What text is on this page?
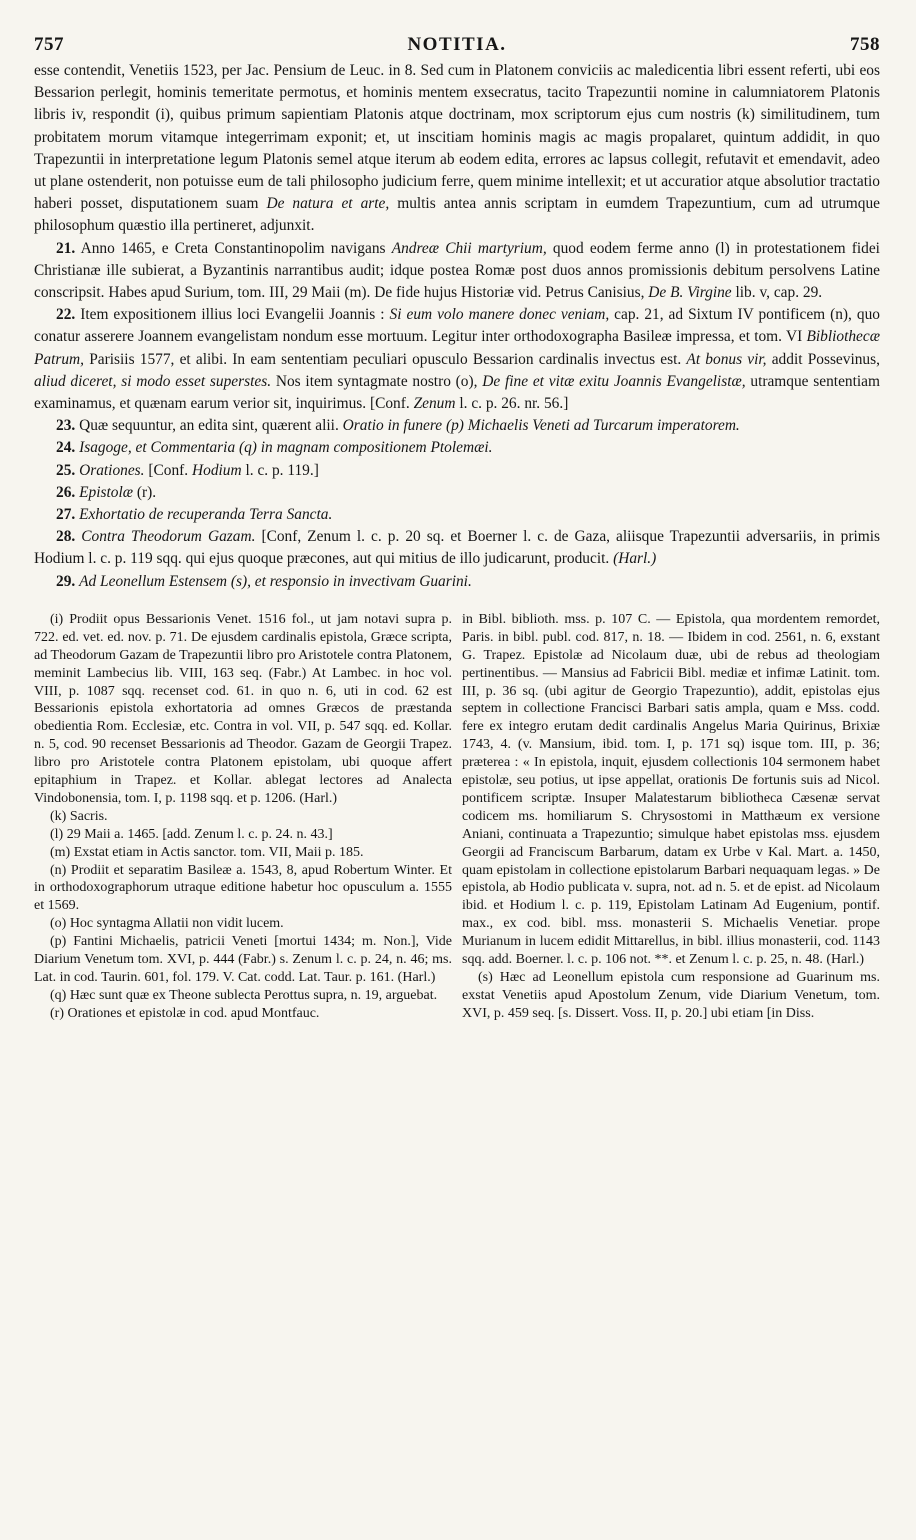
757	NOTITIA.	758

esse contendit, Venetiis 1523, per Jac. Pensium de Leuc. in 8. Sed cum in Platonem conviciis ac maledicentia libri essent referti, ubi eos Bessarion perlegit, hominis temeritate permotus, et hominis mentem exsecratus, tacito Trapezuntii nomine in calumniatorem Platonis libris iv, respondit (i), quibus primum sapientiam Platonis atque doctrinam, mox scriptorum ejus cum nostris (k) similitudinem, tum probitatem morum vitamque integerrimam exponit; et, ut inscitiam hominis magis ac magis propalaret, quintum addidit, in quo Trapezuntii in interpretatione legum Platonis semel atque iterum ab eodem edita, errores ac lapsus collegit, refutavit et emendavit, adeo ut plane ostenderit, non potuisse eum de tali philosopho judicium ferre, quem minime intellexit; et ut accuratior atque absolutior tractatio haberi posset, disputationem suam De natura et arte, multis antea annis scriptam in eumdem Trapezuntium, cum ad utrumque philosophum quæstio illa pertineret, adjunxit.

21. Anno 1465, e Creta Constantinopolim navigans Andreæ Chii martyrium, quod eodem ferme anno (l) in protestationem fidei Christianæ ille subierat, a Byzantinis narrantibus audit; idque postea Romæ post duos annos promissionis debitum persolvens Latine conscripsit. Habes apud Surium, tom. III, 29 Maii (m). De fide hujus Historiæ vid. Petrus Canisius, De B. Virgine lib. v, cap. 29.

22. Item expositionem illius loci Evangelii Joannis : Si eum volo manere donec veniam, cap. 21, ad Sixtum IV pontificem (n), quo conatur asserere Joannem evangelistam nondum esse mortuum. Legitur inter orthodoxographa Basileæ impressa, et tom. VI Bibliothecæ Patrum, Parisiis 1577, et alibi. In eam sententiam peculiari opusculo Bessarion cardinalis invectus est. At bonus vir, addit Possevinus, aliud diceret, si modo esset superstes. Nos item syntagmate nostro (o), De fine et vitæ exitu Joannis Evangelistæ, utramque sententiam examinamus, et quænam earum verior sit, inquirimus. [Conf. Zenum l. c. p. 26. nr. 56.]

23. Quæ sequuntur, an edita sint, quærent alii. Oratio in funere (p) Michaelis Veneti ad Turcarum imperatorem.

24. Isagoge, et Commentaria (q) in magnam compositionem Ptolemæi.

25. Orationes. [Conf. Hodium l. c. p. 119.]

26. Epistolæ (r).

27. Exhortatio de recuperanda Terra Sancta.

28. Contra Theodorum Gazam. [Conf, Zenum l. c. p. 20 sq. et Boerner l. c. de Gaza, aliisque Trapezuntii adversariis, in primis Hodium l. c. p. 119 sqq. qui ejus quoque præcones, aut qui mitius de illo judicarunt, producit. (Harl.)

29. Ad Leonellum Estensem (s), et responsio in invectivam Guarini.

(i) Prodiit opus Bessarionis Venet. 1516 fol., ut jam notavi supra p. 722. ed. vet. ed. nov. p. 71. De ejusdem cardinalis epistola, Græce scripta, ad Theodorum Gazam de Trapezuntii libro pro Aristotele contra Platonem, meminit Lambecius lib. VIII, 163 seq. (Fabr.) At Lambec. in hoc vol. VIII, p. 1087 sqq. recenset cod. 61. in quo n. 6, uti in cod. 62 est Bessarionis epistola exhortatoria ad omnes Græcos de præstanda obedientia Rom. Ecclesiæ, etc. Contra in vol. VII, p. 547 sqq. ed. Kollar. n. 5, cod. 90 recenset Bessarionis ad Theodor. Gazam de Georgii Trapez. libro pro Aristotele contra Platonem epistolam, ubi quoque affert epitaphium in Trapez. et Kollar. ablegat lectores ad Analecta Vindobonensia, tom. I, p. 1198 sqq. et p. 1206. (Harl.)

(k) Sacris.

(l) 29 Maii a. 1465. [add. Zenum l. c. p. 24. n. 43.]

(m) Exstat etiam in Actis sanctor. tom. VII, Maii p. 185.

(n) Prodiit et separatim Basileæ a. 1543, 8, apud Robertum Winter. Et in orthodoxographorum utraque editione habetur hoc opusculum a. 1555 et 1569.

(o) Hoc syntagma Allatii non vidit lucem.

(p) Fantini Michaelis, patricii Veneti [mortui 1434; m. Non.], Vide Diarium Venetum tom. XVI, p. 444 (Fabr.) s. Zenum l. c. p. 24, n. 46; ms. Lat. in cod. Taurin. 601, fol. 179. V. Cat. codd. Lat. Taur. p. 161. (Harl.)

(q) Hæc sunt quæ ex Theone sublecta Perottus supra, n. 19, arguebat.

(r) Orationes et epistolæ in cod. apud Montfauc.

in Bibl. biblioth. mss. p. 107 C. — Epistola, qua mordentem remordet, Paris. in bibl. publ. cod. 817, n. 18. — Ibidem in cod. 2561, n. 6, exstant G. Trapez. Epistolæ ad Nicolaum duæ, ubi de rebus ad theologiam pertinentibus. — Mansius ad Fabricii Bibl. mediæ et infimæ Latinit. tom. III, p. 36 sq. (ubi agitur de Georgio Trapezuntio), addit, epistolas ejus septem in collectione Francisci Barbari satis ampla, quam e Mss. codd. fere ex integro erutam dedit cardinalis Angelus Maria Quirinus, Brixiæ 1743, 4. (v. Mansium, ibid. tom. I, p. 171 sq) isque tom. III, p. 36; præterea : « In epistola, inquit, ejusdem collectionis 104 sermonem habet epistolæ, seu potius, ut ipse appellat, orationis De fortunis suis ad Nicol. pontificem scriptæ. Insuper Malatestarum bibliotheca Cæsenæ servat codicem ms. homiliarum S. Chrysostomi in Matthæum ex versione Aniani, continuata a Trapezuntio; simulque habet epistolas mss. ejusdem Georgii ad Franciscum Barbarum, datam ex Urbe v Kal. Mart. a. 1450, quam epistolam in collectione epistolarum Barbari nequaquam legas. » De epistola, ab Hodio publicata v. supra, not. ad n. 5. et de epist. ad Nicolaum ibid. et Hodium l. c. p. 119, Epistolam Latinam Ad Eugenium, pontif. max., ex cod. bibl. mss. monasterii S. Michaelis Venetiar. prope Murianum in lucem edidit Mittarellus, in bibl. illius monasterii, cod. 1143 sqq. add. Boerner. l. c. p. 106 not. **. et Zenum l. c. p. 25, n. 48. (Harl.)

(s) Hæc ad Leonellum epistola cum responsione ad Guarinum ms. exstat Venetiis apud Apostolum Zenum, vide Diarium Venetum, tom. XVI, p. 459 seq. [s. Dissert. Voss. II, p. 20.] ubi etiam [in Diss.
